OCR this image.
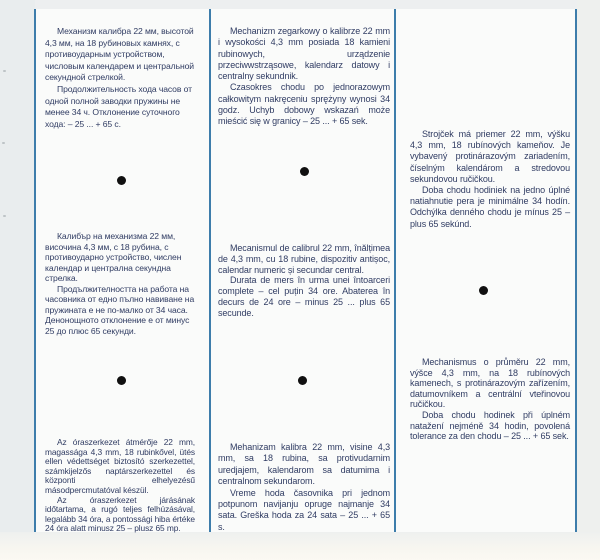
Механизм калибра 22 мм, высотой 4,3 мм, на 18 рубиновых камнях, с противоударным устройством, числовым календарем и центральной секундной стрелкой.

Продолжительность хода часов от одной полной заводки пружины не менее 34 ч. Отклонение суточного хода: – 25 ... + 65 с.

Калибър на механизма 22 мм, височина 4,3 мм, с 18 рубина, с противоударно устройство, числен календар и централна секундна стрелка.

Продължителността на работа на часовника от едно пълно навиване на пружината е не по-малко от 34 часа. Денонощното отклонение е от минус 25 до плюс 65 секунди.

Az óraszerkezet átmérője 22 mm, magassága 4,3 mm, 18 rubinkővel, ütés ellen védettséget biztosító szerkezettel, számkijelzős naptárszerkezettel és központi elhelyezésű másodpercmutatóval készül.

Az óraszerkezet járásának időtartama, a rugó teljes felhúzásával, legalább 34 óra, a pontossági hiba értéke 24 óra alatt minusz 25 – plusz 65 mp.

Mechanizm zegarkowy o kalibrze 22 mm i wysokości 4,3 mm posiada 18 kamieni rubinowych, urządzenie przeciwwstrząsowe, kalendarz datowy i centralny sekundnik.

Czasokres chodu po jednorazowym całkowitym nakręceniu sprężyny wynosi 34 godz. Uchyb dobowy wskazań może mieścić się w granicy – 25 ... + 65 sek.

Mecanismul de calibrul 22 mm, înălțimea de 4,3 mm, cu 18 rubine, dispozitiv antișoc, calendar numeric și secundar central.

Durata de mers în urma unei întoarceri complete – cel puțin 34 ore. Abaterea în decurs de 24 ore – minus 25 ... plus 65 secunde.

Mehanizam kalibra 22 mm, visine 4,3 mm, sa 18 rubina, sa protivudarnim uredjajem, kalendarom sa datumima i centralnom sekundarom.

Vreme hoda časovnika pri jednom potpunom navijanju opruge najmanje 34 sata. Greška hoda za 24 sata – 25 ... + 65 s.

Strojček má priemer 22 mm, výšku 4,3 mm, 18 rubínových kameňov. Je vybavený protinárazovým zariadením, číselným kalendárom a stredovou sekundovou ručičkou.

Doba chodu hodiniek na jedno úplné natiahnutie pera je minimálne 34 hodín. Odchýlka denného chodu je mínus 25 – plus 65 sekúnd.

Mechanismus o průměru 22 mm, výšce 4,3 mm, na 18 rubínových kamenech, s protinárazovým zařízením, datumovníkem a centrální vteřinovou ručičkou.

Doba chodu hodinek při úplném natažení nejméně 34 hodin, povolená tolerance za den chodu – 25 ... + 65 sek.
